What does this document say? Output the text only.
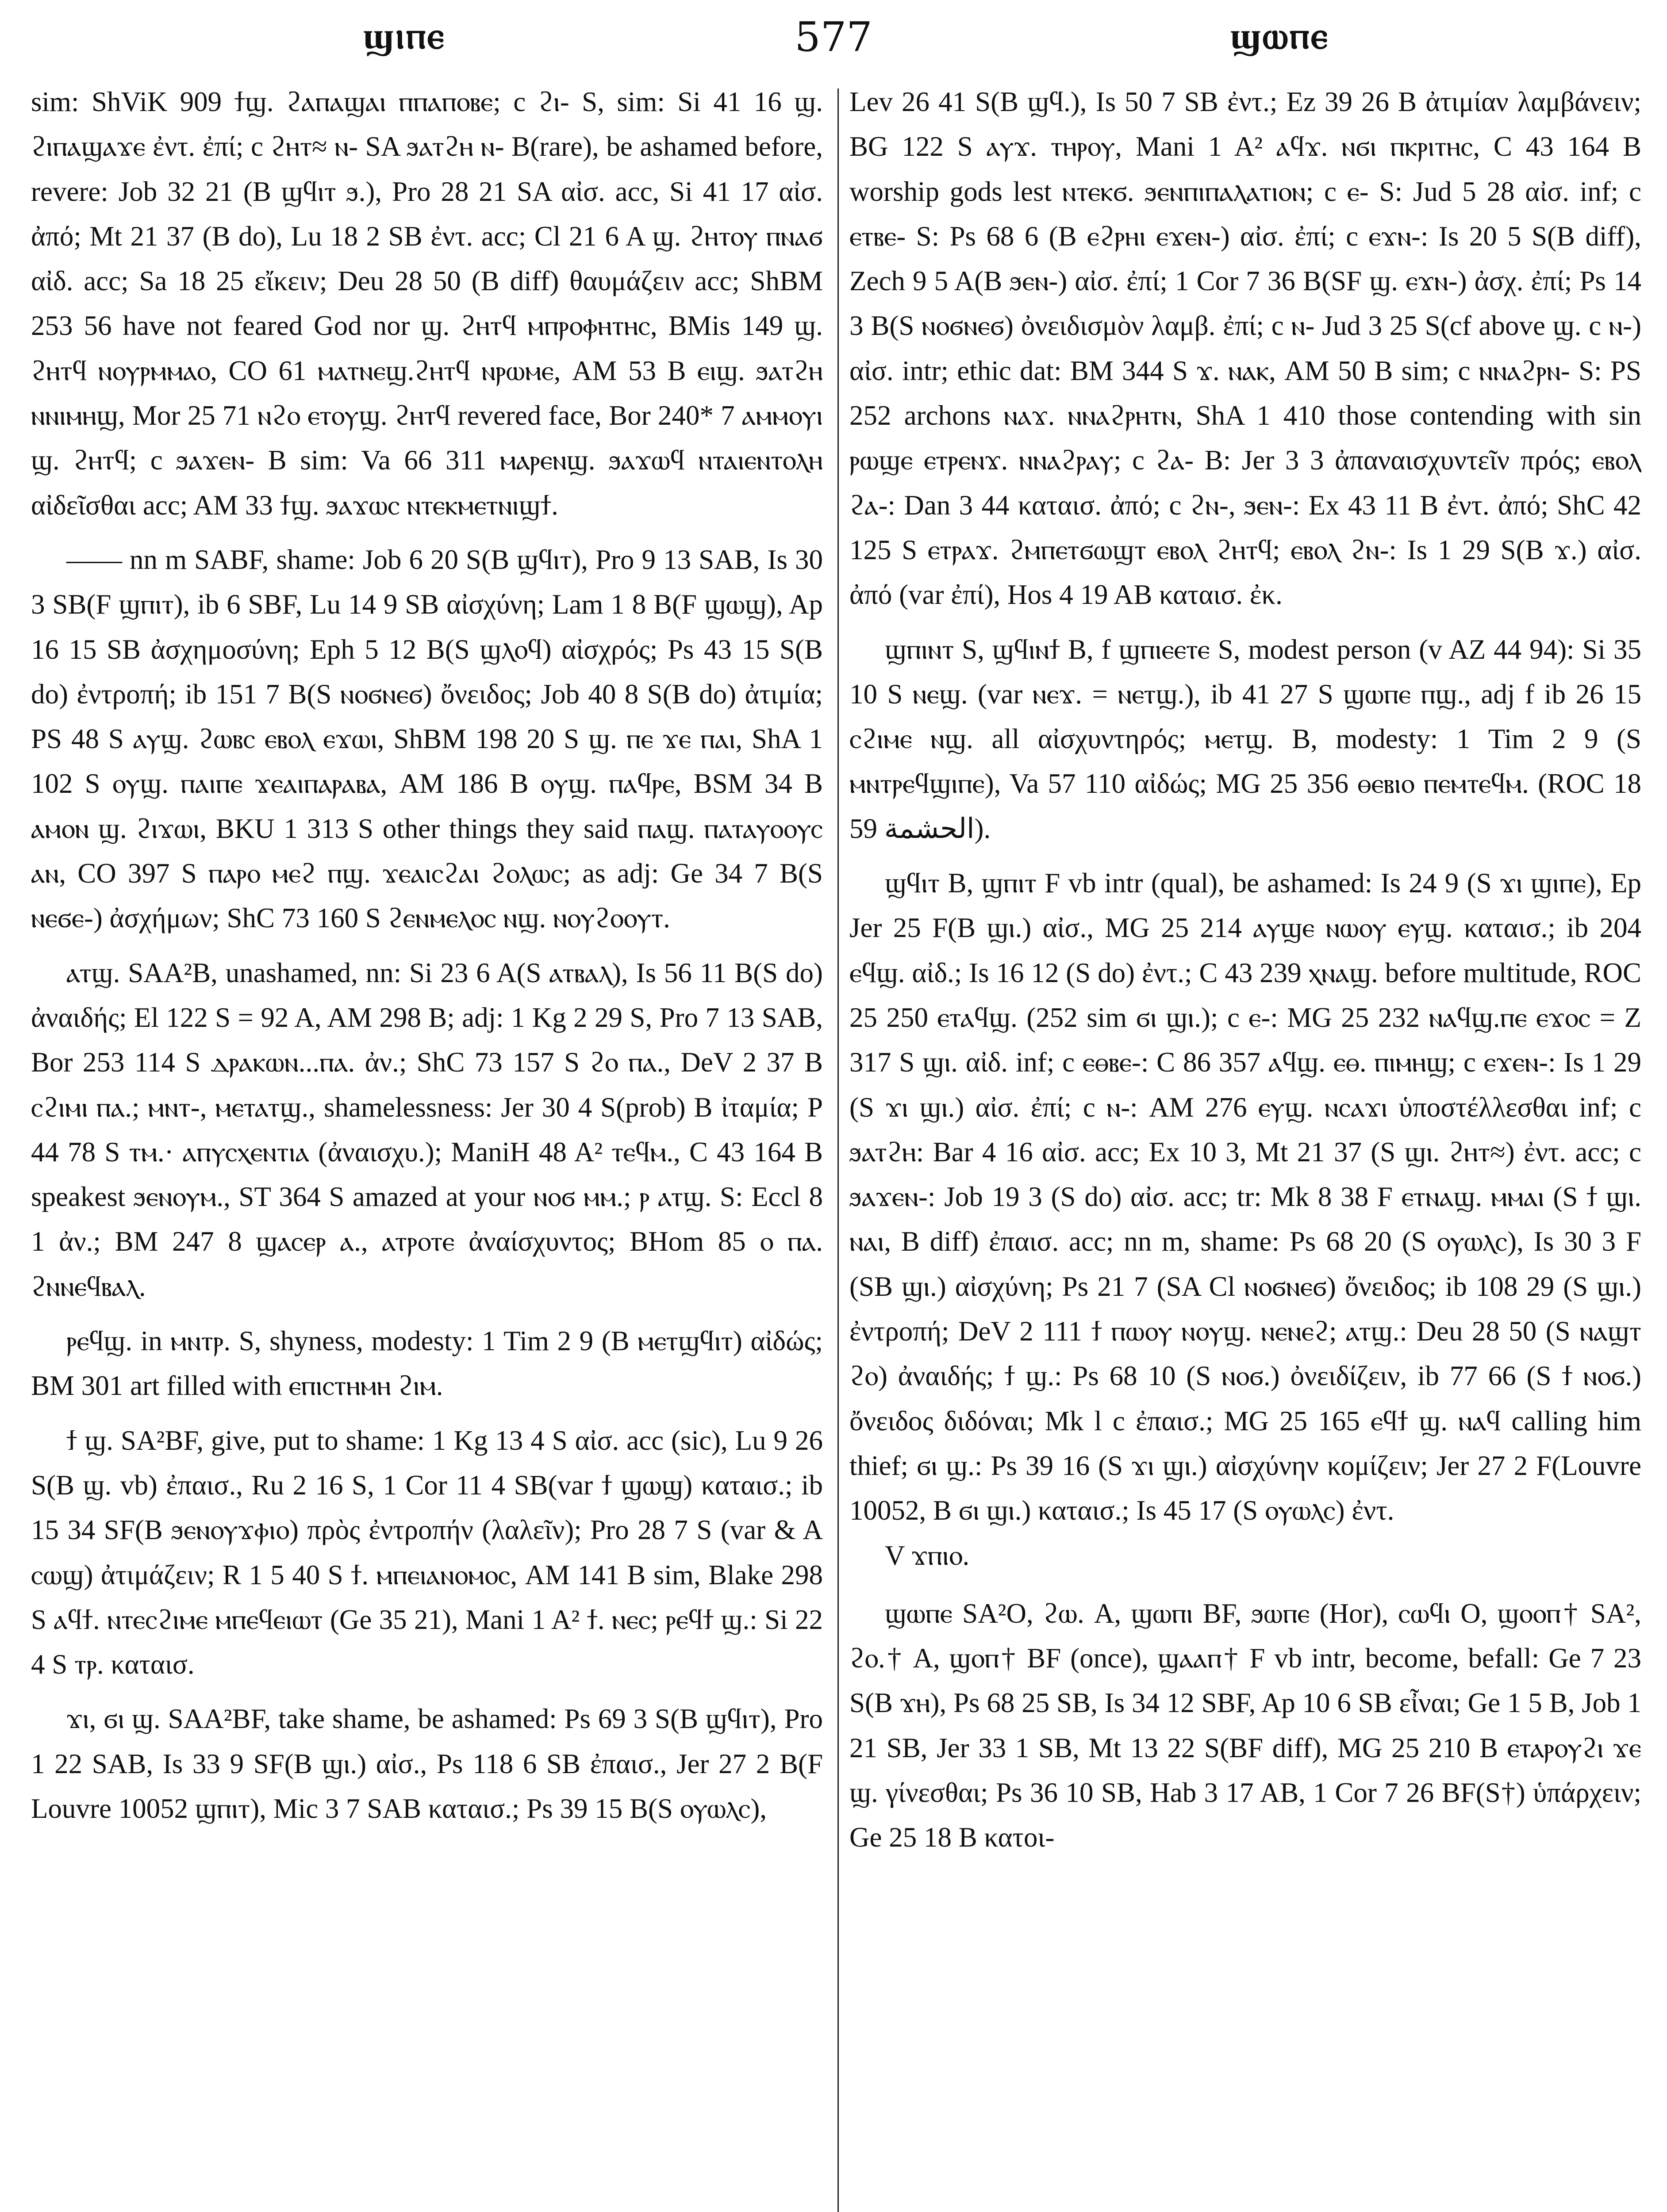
ϣⲓⲡⲉ	577	ϣⲱⲡⲉ

sim: ShViK 909 ϯϣ. ϩⲁⲡⲁϣⲁⲓ ⲡⲡⲁⲡⲟⲃⲉ; c ϩⲓ- S, sim: Si 41 16 ϣ. ϩⲓⲡⲁϣⲁϫⲉ ἐντ. ἐπί; c ϩⲏⲧ≈ ⲛ- SA ϧⲁⲧϩⲏ ⲛ- B(rare), be ashamed before, revere: Job 32 21 (B ϣϥⲓⲧ ϧ.), Pro 28 21 SA αἰσ. acc, Si 41 17 αἰσ. ἀπό; Mt 21 37 (B do), Lu 18 2 SB ἐντ. acc; Cl 21 6 A ϣ. ϩⲏⲧⲟⲩ ⲡⲛⲁϭ αἰδ. acc; Sa 18 25 εἴκειν; Deu 28 50 (B diff) θαυμάζειν acc; ShBM 253 56 have not feared God nor ϣ. ϩⲏⲧϥ ⲙⲡⲣⲟⲫⲏⲧⲏⲥ, BMis 149 ϣ. ϩⲏⲧϥ ⲛⲟⲩⲣⲙⲙⲁⲟ, CO 61 ⲙⲁⲧⲛⲉϣ.ϩⲏⲧϥ ⲛⲣⲱⲙⲉ, AM 53 B ⲉⲓϣ. ϧⲁⲧϩⲏ ⲛⲛⲓⲙⲏϣ, Mor 25 71 ⲛϩⲟ ⲉⲧⲟⲩϣ. ϩⲏⲧϥ revered face, Bor 240* 7 ⲁⲙⲙⲟⲩⲓ ϣ. ϩⲏⲧϥ; c ϧⲁϫⲉⲛ- B sim: Va 66 311 ⲙⲁⲣⲉⲛϣ. ϧⲁϫⲱϥ ⲛⲧⲁⲓⲉⲛⲧⲟⲗⲏ αἰδεῖσθαι acc; AM 33 ϯϣ. ϧⲁϫⲱⲥ ⲛⲧⲉⲕⲙⲉⲧⲛⲓϣϯ.

—— nn m SABF, shame: Job 6 20 S(B ϣϥⲓⲧ), Pro 9 13 SAB, Is 30 3 SB(F ϣⲡⲓⲧ), ib 6 SBF, Lu 14 9 SB αἰσχύνη; Lam 1 8 B(F ϣⲱϣ), Ap 16 15 SB ἀσχημοσύνη; Eph 5 12 B(S ϣⲗⲟϥ) αἰσχρός; Ps 43 15 S(B do) ἐντροπή; ib 151 7 B(S ⲛⲟϭⲛⲉϭ) ὄνειδος; Job 40 8 S(B do) ἀτιμία; PS 48 S ⲁⲩϣ. ϩⲱⲃⲥ ⲉⲃⲟⲗ ⲉϫⲱⲓ, ShBM 198 20 S ϣ. ⲡⲉ ϫⲉ ⲡⲁⲓ, ShA 1 102 S ⲟⲩϣ. ⲡⲁⲓⲡⲉ ϫⲉⲁⲓⲡⲁⲣⲁⲃⲁ, AM 186 B ⲟⲩϣ. ⲡⲁϥⲣⲉ, BSM 34 B ⲁⲙⲟⲛ ϣ. ϩⲓϫⲱⲓ, BKU 1 313 S other things they said ⲡⲁϣ. ⲡⲁⲧⲁⲩⲟⲟⲩⲥ ⲁⲛ, CO 397 S ⲡⲁⲣⲟ ⲙⲉϩ ⲡϣ. ϫⲉⲁⲓⲥϩⲁⲓ ϩⲟⲗⲱⲥ; as adj: Ge 34 7 B(S ⲛⲉϭⲉ-) ἀσχήμων; ShC 73 160 S ϩⲉⲛⲙⲉⲗⲟⲥ ⲛϣ. ⲛⲟⲩϩⲟⲟⲩⲧ.

ⲁⲧϣ. SAA²B, unashamed, nn: Si 23 6 A(S ⲁⲧⲃⲁⲗ), Is 56 11 B(S do) ἀναιδής; El 122 S = 92 A, AM 298 B; adj: 1 Kg 2 29 S, Pro 7 13 SAB, Bor 253 114 S ⲇⲣⲁⲕⲱⲛ...ⲡⲁ. ἀν.; ShC 73 157 S ϩⲟ ⲡⲁ., DeV 2 37 B ⲥϩⲓⲙⲓ ⲡⲁ.; ⲙⲛⲧ-, ⲙⲉⲧⲁⲧϣ., shamelessness: Jer 30 4 S(prob) B ἰταμία; P 44 78 S ⲧⲙ.· ⲁⲡⲩⲥⲭⲉⲛⲧⲓⲁ (ἀναισχυ.); ManiH 48 A² ⲧⲉϥⲙ., C 43 164 B speakest ϧⲉⲛⲟⲩⲙ., ST 364 S amazed at your ⲛⲟϭ ⲙⲙ.; ⲣ ⲁⲧϣ. S: Eccl 8 1 ἀν.; BM 247 8 ϣⲁⲥⲉⲣ ⲁ., ⲁⲧⲣⲟⲧⲉ ἀναίσχυντος; BHom 85 ⲟ ⲡⲁ. ϩⲛⲛⲉϥⲃⲁⲗ.

ⲣⲉϥϣ. in ⲙⲛⲧⲣ. S, shyness, modesty: 1 Tim 2 9 (B ⲙⲉⲧϣϥⲓⲧ) αἰδώς; BM 301 art filled with ⲉⲡⲓⲥⲧⲏⲙⲏ ϩⲓⲙ.

ϯ ϣ. SA²BF, give, put to shame: 1 Kg 13 4 S αἰσ. acc (sic), Lu 9 26 S(B ϣ. vb) ἐπαισ., Ru 2 16 S, 1 Cor 11 4 SB(var ϯ ϣⲱϣ) καταισ.; ib 15 34 SF(B ϧⲉⲛⲟⲩϫⲫⲓⲟ) πρὸς ἐντροπήν (λαλεῖν); Pro 28 7 S (var & A ⲥⲱϣ) ἀτιμάζειν; R 1 5 40 S ϯ. ⲙⲡⲉⲓⲁⲛⲟⲙⲟⲥ, AM 141 B sim, Blake 298 S ⲁϥϯ. ⲛⲧⲉⲥϩⲓⲙⲉ ⲙⲡⲉϥⲉⲓⲱⲧ (Ge 35 21), Mani 1 A² ϯ. ⲛⲉⲥ; ⲣⲉϥϯ ϣ.: Si 22 4 S ⲧⲣ. καταισ.

ϫⲓ, ϭⲓ ϣ. SAA²BF, take shame, be ashamed: Ps 69 3 S(B ϣϥⲓⲧ), Pro 1 22 SAB, Is 33 9 SF(B ϣⲓ.) αἰσ., Ps 118 6 SB ἐπαισ., Jer 27 2 B(F Louvre 10052 ϣⲡⲓⲧ), Mic 3 7 SAB καταισ.; Ps 39 15 B(S ⲟⲩⲱⲗⲥ),

Lev 26 41 S(B ϣϥ.), Is 50 7 SB ἐντ.; Ez 39 26 B ἀτιμίαν λαμβάνειν; BG 122 S ⲁⲩϫ. ⲧⲏⲣⲟⲩ, Mani 1 A² ⲁϥϫ. ⲛϭⲓ ⲡⲕⲣⲓⲧⲏⲥ, C 43 164 B worship gods lest ⲛⲧⲉⲕϭ. ϧⲉⲛⲡⲓⲡⲁⲗⲁⲧⲓⲟⲛ; c ⲉ- S: Jud 5 28 αἰσ. inf; c ⲉⲧⲃⲉ- S: Ps 68 6 (B ⲉϩⲣⲏⲓ ⲉϫⲉⲛ-) αἰσ. ἐπί; c ⲉϫⲛ-: Is 20 5 S(B diff), Zech 9 5 A(B ϧⲉⲛ-) αἰσ. ἐπί; 1 Cor 7 36 B(SF ϣ. ⲉϫⲛ-) ἀσχ. ἐπί; Ps 14 3 B(S ⲛⲟϭⲛⲉϭ) ὀνειδισμὸν λαμβ. ἐπί; c ⲛ- Jud 3 25 S(cf above ϣ. c ⲛ-) αἰσ. intr; ethic dat: BM 344 S ϫ. ⲛⲁⲕ, AM 50 B sim; c ⲛⲛⲁϩⲣⲛ- S: PS 252 archons ⲛⲁϫ. ⲛⲛⲁϩⲣⲏⲧⲛ, ShA 1 410 those contending with sin ⲣⲱϣⲉ ⲉⲧⲣⲉⲛϫ. ⲛⲛⲁϩⲣⲁⲩ; c ϩⲁ- B: Jer 3 3 ἀπαναισχυντεῖν πρός; ⲉⲃⲟⲗ ϩⲁ-: Dan 3 44 καταισ. ἀπό; c ϩⲛ-, ϧⲉⲛ-: Ex 43 11 B ἐντ. ἀπό; ShC 42 125 S ⲉⲧⲣⲁϫ. ϩⲙⲡⲉⲧϭⲱϣⲧ ⲉⲃⲟⲗ ϩⲏⲧϥ; ⲉⲃⲟⲗ ϩⲛ-: Is 1 29 S(B ϫ.) αἰσ. ἀπό (var ἐπί), Hos 4 19 AB καταισ. ἐκ.

ϣⲡⲓⲛⲧ S, ϣϥⲓⲛϯ B, f ϣⲡⲓⲉⲉⲧⲉ S, modest person (v AZ 44 94): Si 35 10 S ⲛⲉϣ. (var ⲛⲉϫ. = ⲛⲉⲧϣ.), ib 41 27 S ϣⲱⲡⲉ ⲡϣ., adj f ib 26 15 ⲥϩⲓⲙⲉ ⲛϣ. all αἰσχυντηρός; ⲙⲉⲧϣ. B, modesty: 1 Tim 2 9 (S ⲙⲛⲧⲣⲉϥϣⲓⲡⲉ), Va 57 110 αἰδώς; MG 25 356 ⲑⲉⲃⲓⲟ ⲡⲉⲙⲧⲉϥⲙ. (ROC 18 59 الحشمة).

ϣϥⲓⲧ B, ϣⲡⲓⲧ F vb intr (qual), be ashamed: Is 24 9 (S ϫⲓ ϣⲓⲡⲉ), Ep Jer 25 F(B ϣⲓ.) αἰσ., MG 25 214 ⲁⲩϣⲉ ⲛⲱⲟⲩ ⲉⲩϣ. καταισ.; ib 204 ⲉϥϣ. αἰδ.; Is 16 12 (S do) ἐντ.; C 43 239 ⲭⲛⲁϣ. before multitude, ROC 25 250 ⲉⲧⲁϥϣ. (252 sim ϭⲓ ϣⲓ.); c ⲉ-: MG 25 232 ⲛⲁϥϣ.ⲡⲉ ⲉϫⲟⲥ = Z 317 S ϣⲓ. αἰδ. inf; c ⲉⲑⲃⲉ-: C 86 357 ⲁϥϣ. ⲉⲑ. ⲡⲓⲙⲏϣ; c ⲉϫⲉⲛ-: Is 1 29 (S ϫⲓ ϣⲓ.) αἰσ. ἐπί; c ⲛ-: AM 276 ⲉⲩϣ. ⲛⲥⲁϫⲓ ὑποστέλλεσθαι inf; c ϧⲁⲧϩⲏ: Bar 4 16 αἰσ. acc; Ex 10 3, Mt 21 37 (S ϣⲓ. ϩⲏⲧ≈) ἐντ. acc; c ϧⲁϫⲉⲛ-: Job 19 3 (S do) αἰσ. acc; tr: Mk 8 38 F ⲉⲧⲛⲁϣ. ⲙⲙⲁⲓ (S ϯ ϣⲓ. ⲛⲁⲓ, B diff) ἐπαισ. acc; nn m, shame: Ps 68 20 (S ⲟⲩⲱⲗⲥ), Is 30 3 F (SB ϣⲓ.) αἰσχύνη; Ps 21 7 (SA Cl ⲛⲟϭⲛⲉϭ) ὄνειδος; ib 108 29 (S ϣⲓ.) ἐντροπή; DeV 2 111 ϯ ⲡⲱⲟⲩ ⲛⲟⲩϣ. ⲛⲉⲛⲉϩ; ⲁⲧϣ.: Deu 28 50 (S ⲛⲁϣⲧ ϩⲟ) ἀναιδής; ϯ ϣ.: Ps 68 10 (S ⲛⲟϭ.) ὀνειδίζειν, ib 77 66 (S ϯ ⲛⲟϭ.) ὄνειδος διδόναι; Mk l c ἐπαισ.; MG 25 165 ⲉϥϯ ϣ. ⲛⲁϥ calling him thief; ϭⲓ ϣ.: Ps 39 16 (S ϫⲓ ϣⲓ.) αἰσχύνην κομίζειν; Jer 27 2 F(Louvre 10052, B ϭⲓ ϣⲓ.) καταισ.; Is 45 17 (S ⲟⲩⲱⲗⲥ) ἐντ.

V ϫⲡⲓⲟ.

ϣⲱⲡⲉ SA²O, ϩⲱ. A, ϣⲱⲡⲓ BF, ϧⲱⲡⲉ (Hor), ⲥⲱϥⲓ O, ϣⲟⲟⲡ† SA², ϩⲟ.† A, ϣⲟⲡ† BF (once), ϣⲁⲁⲡ† F vb intr, become, befall: Ge 7 23 S(B ϫⲏ), Ps 68 25 SB, Is 34 12 SBF, Ap 10 6 SB εἶναι; Ge 1 5 B, Job 1 21 SB, Jer 33 1 SB, Mt 13 22 S(BF diff), MG 25 210 B ⲉⲧⲁⲣⲟⲩϩⲓ ϫⲉ ϣ. γίνεσθαι; Ps 36 10 SB, Hab 3 17 AB, 1 Cor 7 26 BF(S†) ὑπάρχειν; Ge 25 18 B κατοι-
